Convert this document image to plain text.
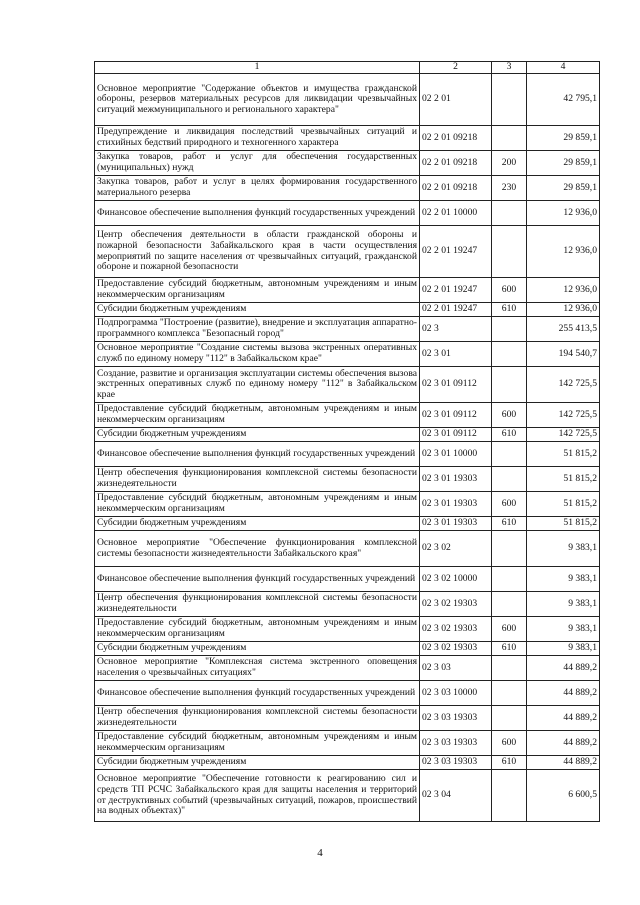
1	2	3	4
Основное мероприятие "Содержание объектов и имущества гражданской обороны, резервов материальных ресурсов для ликвидации чрезвычайных ситуаций межмуниципального и регионального характера"	02 2 01		42 795,1
Предупреждение и ликвидация последствий чрезвычайных ситуаций и стихийных бедствий природного и техногенного характера	02 2 01 09218		29 859,1
Закупка товаров, работ и услуг для обеспечения государственных (муниципальных) нужд	02 2 01 09218	200	29 859,1
Закупка товаров, работ и услуг в целях формирования государственного материального резерва	02 2 01 09218	230	29 859,1
Финансовое обеспечение выполнения функций государственных учреждений	02 2 01 10000		12 936,0
Центр обеспечения деятельности в области гражданской обороны и пожарной безопасности Забайкальского края в части осуществления мероприятий по защите населения от чрезвычайных ситуаций, гражданской обороне и пожарной безопасности	02 2 01 19247		12 936,0
Предоставление субсидий бюджетным, автономным учреждениям и иным некоммерческим организациям	02 2 01 19247	600	12 936,0
Субсидии бюджетным учреждениям	02 2 01 19247	610	12 936,0
Подпрограмма "Построение (развитие), внедрение и эксплуатация аппаратно-программного комплекса "Безопасный город"	02 3		255 413,5
Основное мероприятие "Создание системы вызова экстренных оперативных служб по единому номеру "112" в Забайкальском крае"	02 3 01		194 540,7
Создание, развитие и организация эксплуатации системы обеспечения вызова экстренных оперативных служб по единому номеру "112" в Забайкальском крае	02 3 01 09112		142 725,5
Предоставление субсидий бюджетным, автономным учреждениям и иным некоммерческим организациям	02 3 01 09112	600	142 725,5
Субсидии бюджетным учреждениям	02 3 01 09112	610	142 725,5
Финансовое обеспечение выполнения функций государственных учреждений	02 3 01 10000		51 815,2
Центр обеспечения функционирования комплексной системы безопасности жизнедеятельности	02 3 01 19303		51 815,2
Предоставление субсидий бюджетным, автономным учреждениям и иным некоммерческим организациям	02 3 01 19303	600	51 815,2
Субсидии бюджетным учреждениям	02 3 01 19303	610	51 815,2
Основное мероприятие "Обеспечение функционирования комплексной системы безопасности жизнедеятельности Забайкальского края"	02 3 02		9 383,1
Финансовое обеспечение выполнения функций государственных учреждений	02 3 02 10000		9 383,1
Центр обеспечения функционирования комплексной системы безопасности жизнедеятельности	02 3 02 19303		9 383,1
Предоставление субсидий бюджетным, автономным учреждениям и иным некоммерческим организациям	02 3 02 19303	600	9 383,1
Субсидии бюджетным учреждениям	02 3 02 19303	610	9 383,1
Основное мероприятие "Комплексная система экстренного оповещения населения о чрезвычайных ситуациях"	02 3 03		44 889,2
Финансовое обеспечение выполнения функций государственных учреждений	02 3 03 10000		44 889,2
Центр обеспечения функционирования комплексной системы безопасности жизнедеятельности	02 3 03 19303		44 889,2
Предоставление субсидий бюджетным, автономным учреждениям и иным некоммерческим организациям	02 3 03 19303	600	44 889,2
Субсидии бюджетным учреждениям	02 3 03 19303	610	44 889,2
Основное мероприятие "Обеспечение готовности к реагированию сил и средств ТП РСЧС Забайкальского края для защиты населения и территорий от деструктивных событий (чрезвычайных ситуаций, пожаров, происшествий на водных объектах)"	02 3 04		6 600,5
4
